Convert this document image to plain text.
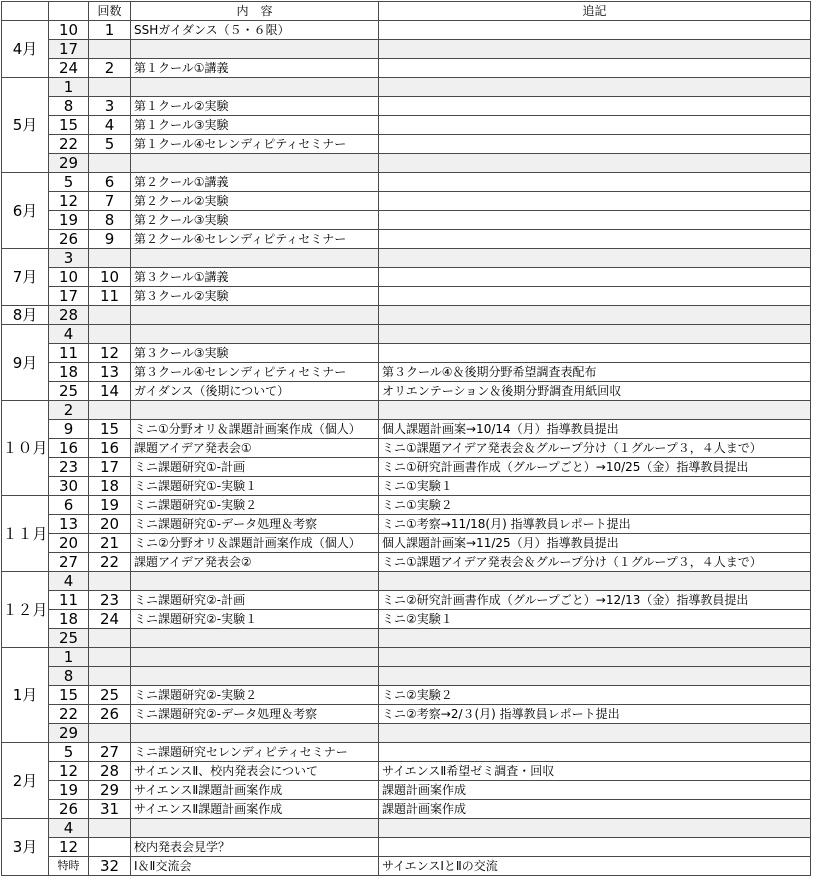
		回数	内　容	追記
4月	10	1	SSHガイダンス（５・６限）	
	17			
	24	2	第１クール①講義	
5月	1			
	8	3	第１クール②実験	
	15	4	第１クール③実験	
	22	5	第１クール④セレンディピティセミナー	
	29			
6月	5	6	第２クール①講義	
	12	7	第２クール②実験	
	19	8	第２クール③実験	
	26	9	第２クール④セレンディピティセミナー	
7月	3			
	10	10	第３クール①講義	
	17	11	第３クール②実験	
8月	28			
9月	4			
	11	12	第３クール③実験	
	18	13	第３クール④セレンディピティセミナー	第３クール④＆後期分野希望調査表配布
	25	14	ガイダンス（後期について）	オリエンテーション＆後期分野調査用紙回収
１０月	2			
	9	15	ミニ①分野オリ＆課題計画案作成（個人）	個人課題計画案→10/14（月）指導教員提出
	16	16	課題アイデア発表会①	ミニ①課題アイデア発表会＆グループ分け（１グループ３，４人まで）
	23	17	ミニ課題研究①-計画	ミニ①研究計画書作成（グループごと）→10/25（金）指導教員提出
	30	18	ミニ課題研究①-実験１	ミニ①実験１
１１月	6	19	ミニ課題研究①-実験２	ミニ①実験２
	13	20	ミニ課題研究①-データ処理＆考察	ミニ①考察→11/18(月) 指導教員レポート提出
	20	21	ミニ②分野オリ＆課題計画案作成（個人）	個人課題計画案→11/25（月）指導教員提出
	27	22	課題アイデア発表会②	ミニ①課題アイデア発表会＆グループ分け（１グループ３，４人まで）
１２月	4			
	11	23	ミニ課題研究②-計画	ミニ②研究計画書作成（グループごと）→12/13（金）指導教員提出
	18	24	ミニ課題研究②-実験１	ミニ②実験１
	25			
1月	1			
	8			
	15	25	ミニ課題研究②-実験２	ミニ②実験２
	22	26	ミニ課題研究②-データ処理＆考察	ミニ②考察→2/３(月) 指導教員レポート提出
	29			
2月	5	27	ミニ課題研究セレンディピティセミナー	
	12	28	サイエンスⅡ、校内発表会について	サイエンスⅡ希望ゼミ調査・回収
	19	29	サイエンスⅡ課題計画案作成	課題計画案作成
	26	31	サイエンスⅡ課題計画案作成	課題計画案作成
3月	4			
	12		校内発表会見学？	
	特時	32	Ⅰ＆Ⅱ交流会	サイエンスⅠとⅡの交流
